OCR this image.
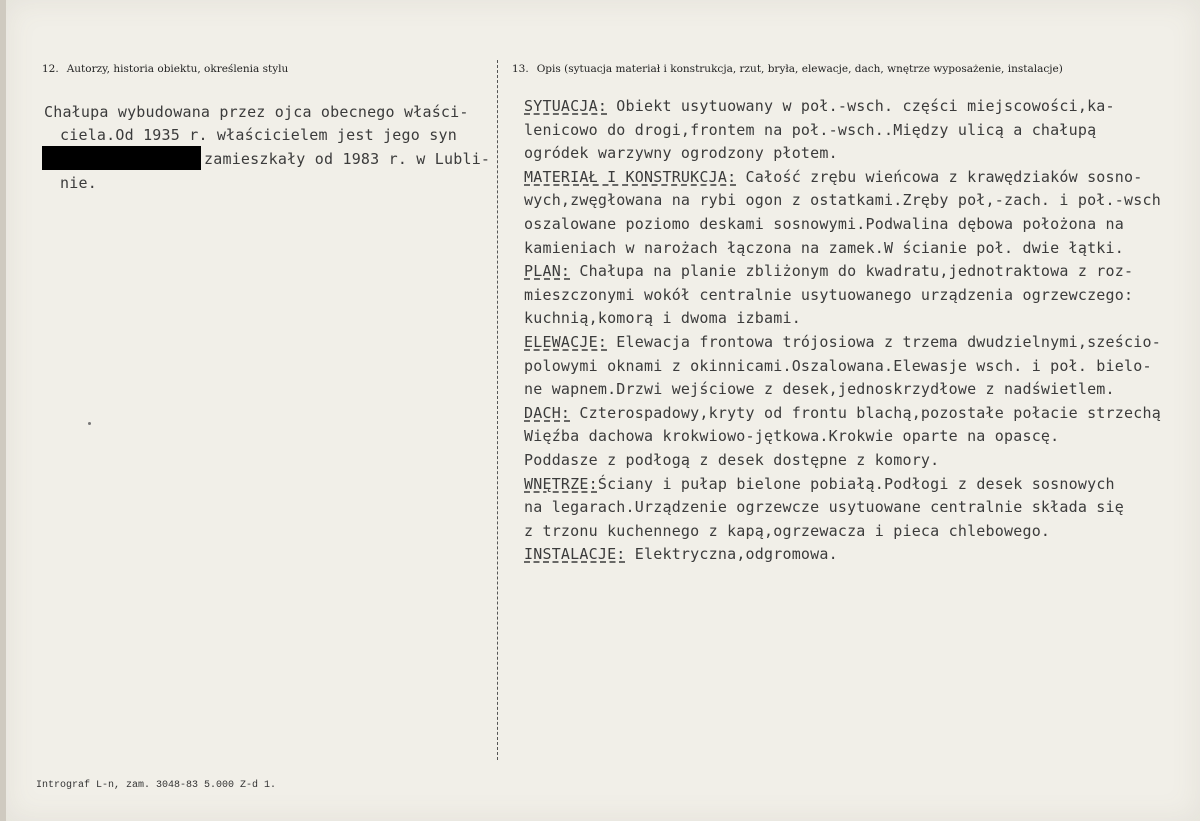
12. Autorzy, historia obiektu, określenia stylu	13. Opis (sytuacja materiał i konstrukcja, rzut, bryła, elewacje, dach, wnętrze wyposażenie, instalacje)
Chałupa wybudowana przez ojca obecnego właści-
ciela.Od 1935 r. właścicielem jest jego syn
zamieszkały od 1983 r. w Lubli-
nie.
SYTUACJA: Obiekt usytuowany w poł.-wsch. części miejscowości,ka-
lenicowo do drogi,frontem na poł.-wsch..Między ulicą a chałupą
ogródek warzywny ogrodzony płotem.
MATERIAŁ I KONSTRUKCJA: Całość zrębu wieńcowa z krawędziaków sosno-
wych,zwęgłowana na rybi ogon z ostatkami.Zręby poł,-zach. i poł.-wsch
oszalowane poziomo deskami sosnowymi.Podwalina dębowa położona na
kamieniach w narożach łączona na zamek.W ścianie poł. dwie łątki.
PLAN: Chałupa na planie zbliżonym do kwadratu,jednotraktowa z roz-
mieszczonymi wokół centralnie usytuowanego urządzenia ogrzewczego:
kuchnią,komorą i dwoma izbami.
ELEWACJE: Elewacja frontowa trójosiowa z trzema dwudzielnymi,sześcio-
polowymi oknami z okinnicami.Oszalowana.Elewasje wsch. i poł. bielo-
ne wapnem.Drzwi wejściowe z desek,jednoskrzydłowe z nadświetlem.
DACH: Czterospadowy,kryty od frontu blachą,pozostałe połacie strzechą
Więźba dachowa krokwiowo-jętkowa.Krokwie oparte na opascę.
Poddasze z podłogą z desek dostępne z komory.
WNĘTRZE:Ściany i pułap bielone pobiałą.Podłogi z desek sosnowych
na legarach.Urządzenie ogrzewcze usytuowane centralnie składa się
z trzonu kuchennego z kapą,ogrzewacza i pieca chlebowego.
INSTALACJE: Elektryczna,odgromowa.
Intrograf L-n, zam. 3048-83 5.000 Z-d 1.
